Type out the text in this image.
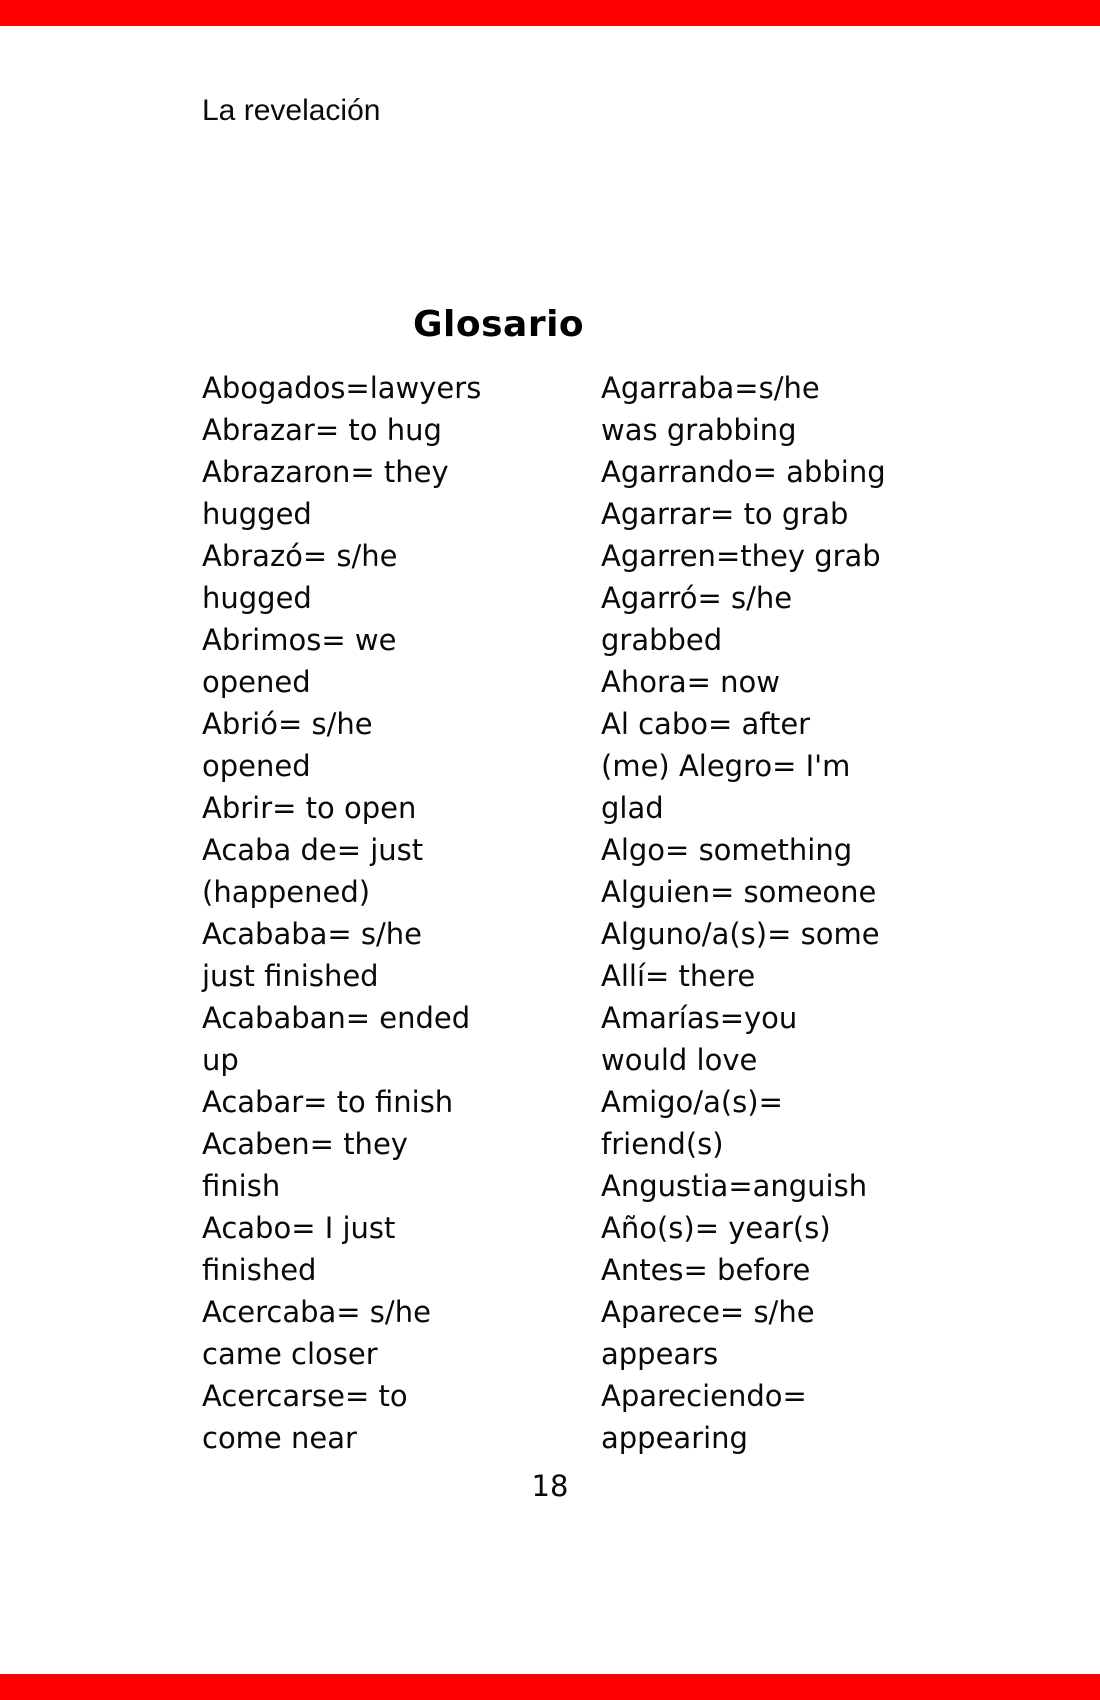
La revelación
Glosario
Abogados=lawyers
Abrazar= to hug
Abrazaron= they
hugged
Abrazó= s/he
hugged
Abrimos= we
opened
Abrió= s/he
opened
Abrir= to open
Acaba de= just
(happened)
Acababa= s/he
just finished
Acababan= ended
up
Acabar= to finish
Acaben= they
finish
Acabo= I just
finished
Acercaba= s/he
came closer
Acercarse= to
come near
Agarraba=s/he
was grabbing
Agarrando= abbing
Agarrar= to grab
Agarren=they grab
Agarró= s/he
grabbed
Ahora= now
Al cabo= after
(me) Alegro= I'm
glad
Algo= something
Alguien= someone
Alguno/a(s)= some
Allí= there
Amarías=you
would love
Amigo/a(s)=
friend(s)
Angustia=anguish
Año(s)= year(s)
Antes= before
Aparece= s/he
appears
Apareciendo=
appearing
18
